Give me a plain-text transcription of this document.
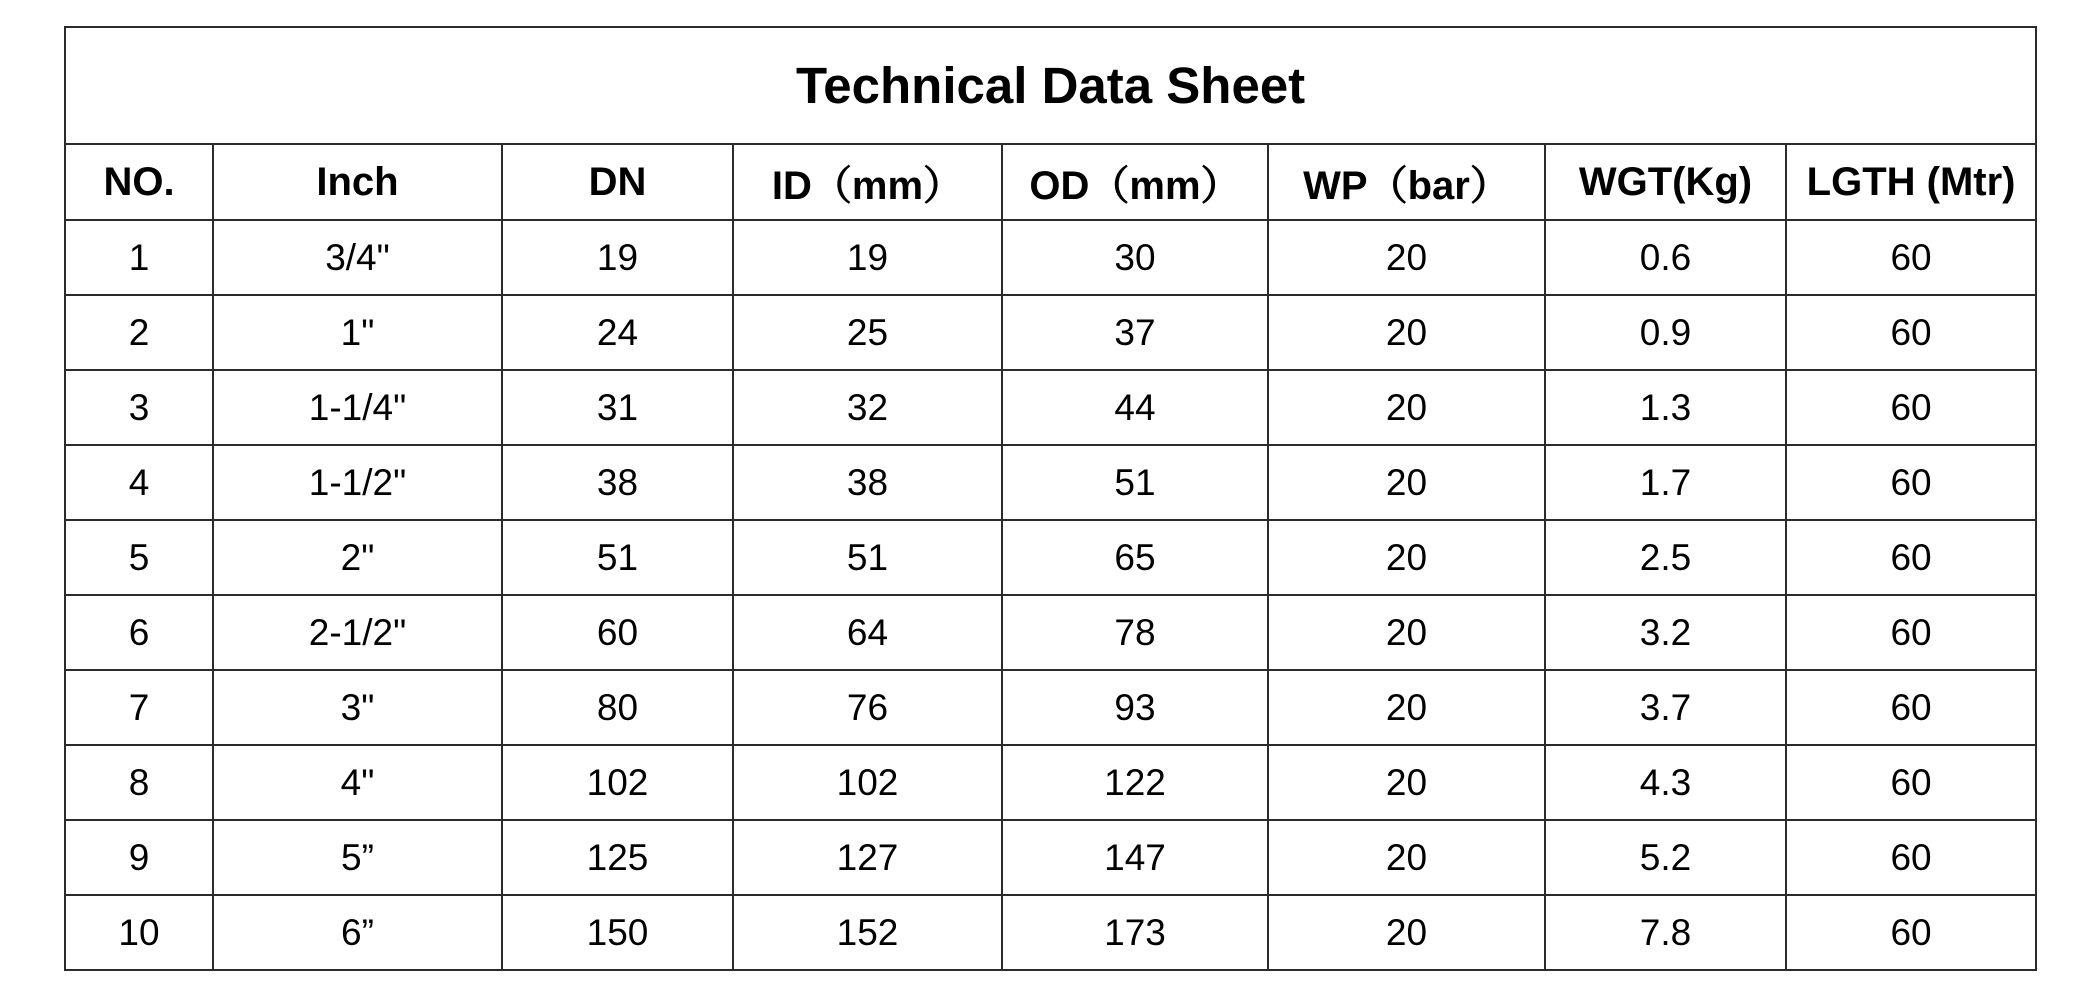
Technical Data Sheet							
NO.	Inch	DN	ID（mm）	OD（mm）	WP（bar）	WGT(Kg)	LGTH (Mtr)
1	3/4"	19	19	30	20	0.6	60
2	1"	24	25	37	20	0.9	60
3	1-1/4"	31	32	44	20	1.3	60
4	1-1/2"	38	38	51	20	1.7	60
5	2"	51	51	65	20	2.5	60
6	2-1/2"	60	64	78	20	3.2	60
7	3"	80	76	93	20	3.7	60
8	4"	102	102	122	20	4.3	60
9	5”	125	127	147	20	5.2	60
10	6”	150	152	173	20	7.8	60
